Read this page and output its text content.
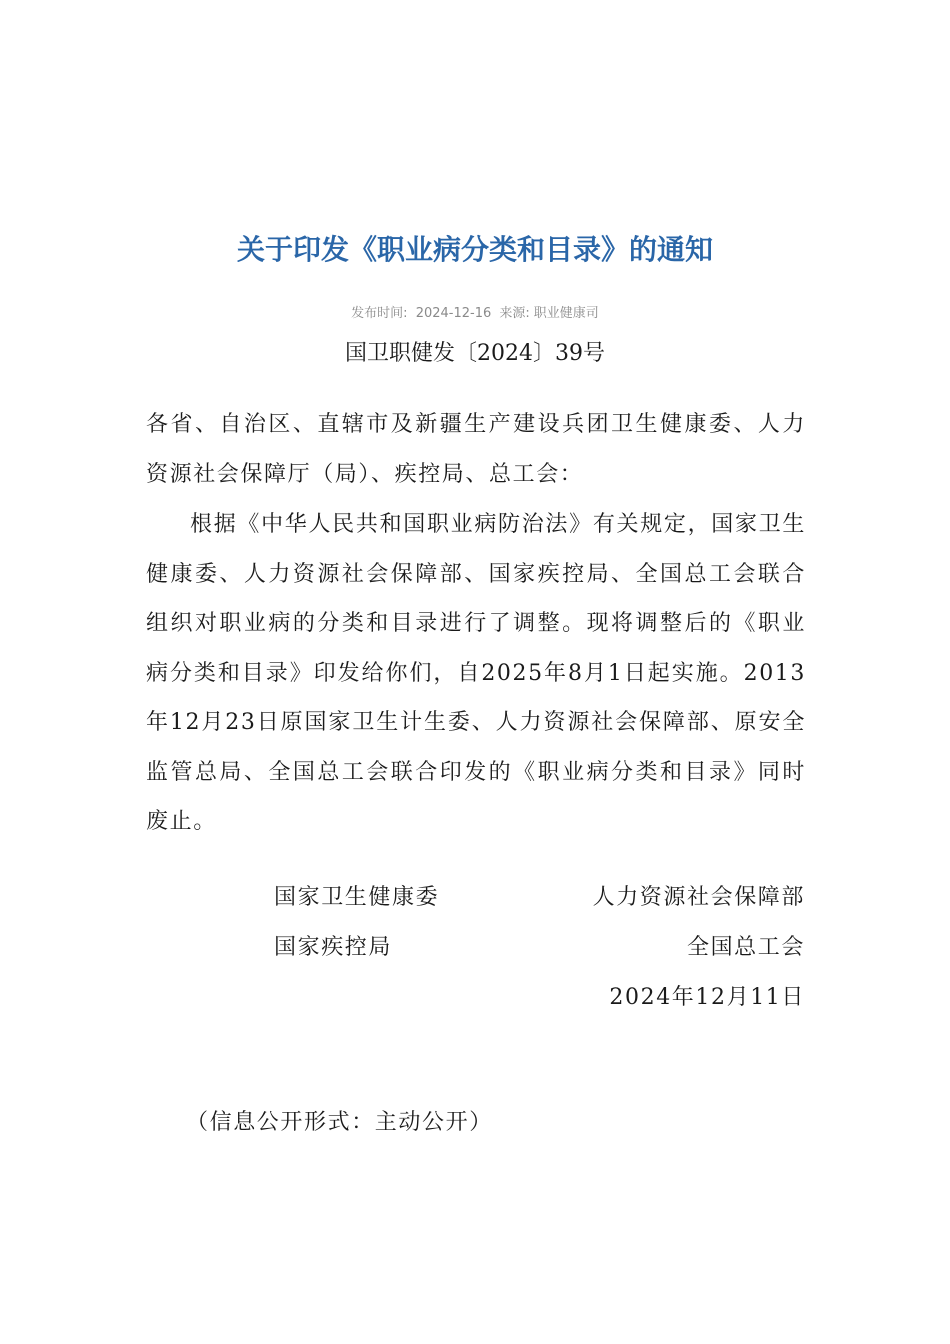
关于印发《职业病分类和目录》的通知
发布时间: 2024-12-16 来源: 职业健康司
国卫职健发〔2024〕39号
各省、自治区、直辖市及新疆生产建设兵团卫生健康委、人力资源社会保障厅（局）、疾控局、总工会：
根据《中华人民共和国职业病防治法》有关规定，国家卫生健康委、人力资源社会保障部、国家疾控局、全国总工会联合组织对职业病的分类和目录进行了调整。现将调整后的《职业病分类和目录》印发给你们，自2025年8月1日起实施。2013年12月23日原国家卫生计生委、人力资源社会保障部、原安全监管总局、全国总工会联合印发的《职业病分类和目录》同时废止。
国家卫生健康委	人力资源社会保障部
国家疾控局	全国总工会
2024年12月11日
（信息公开形式：主动公开）
